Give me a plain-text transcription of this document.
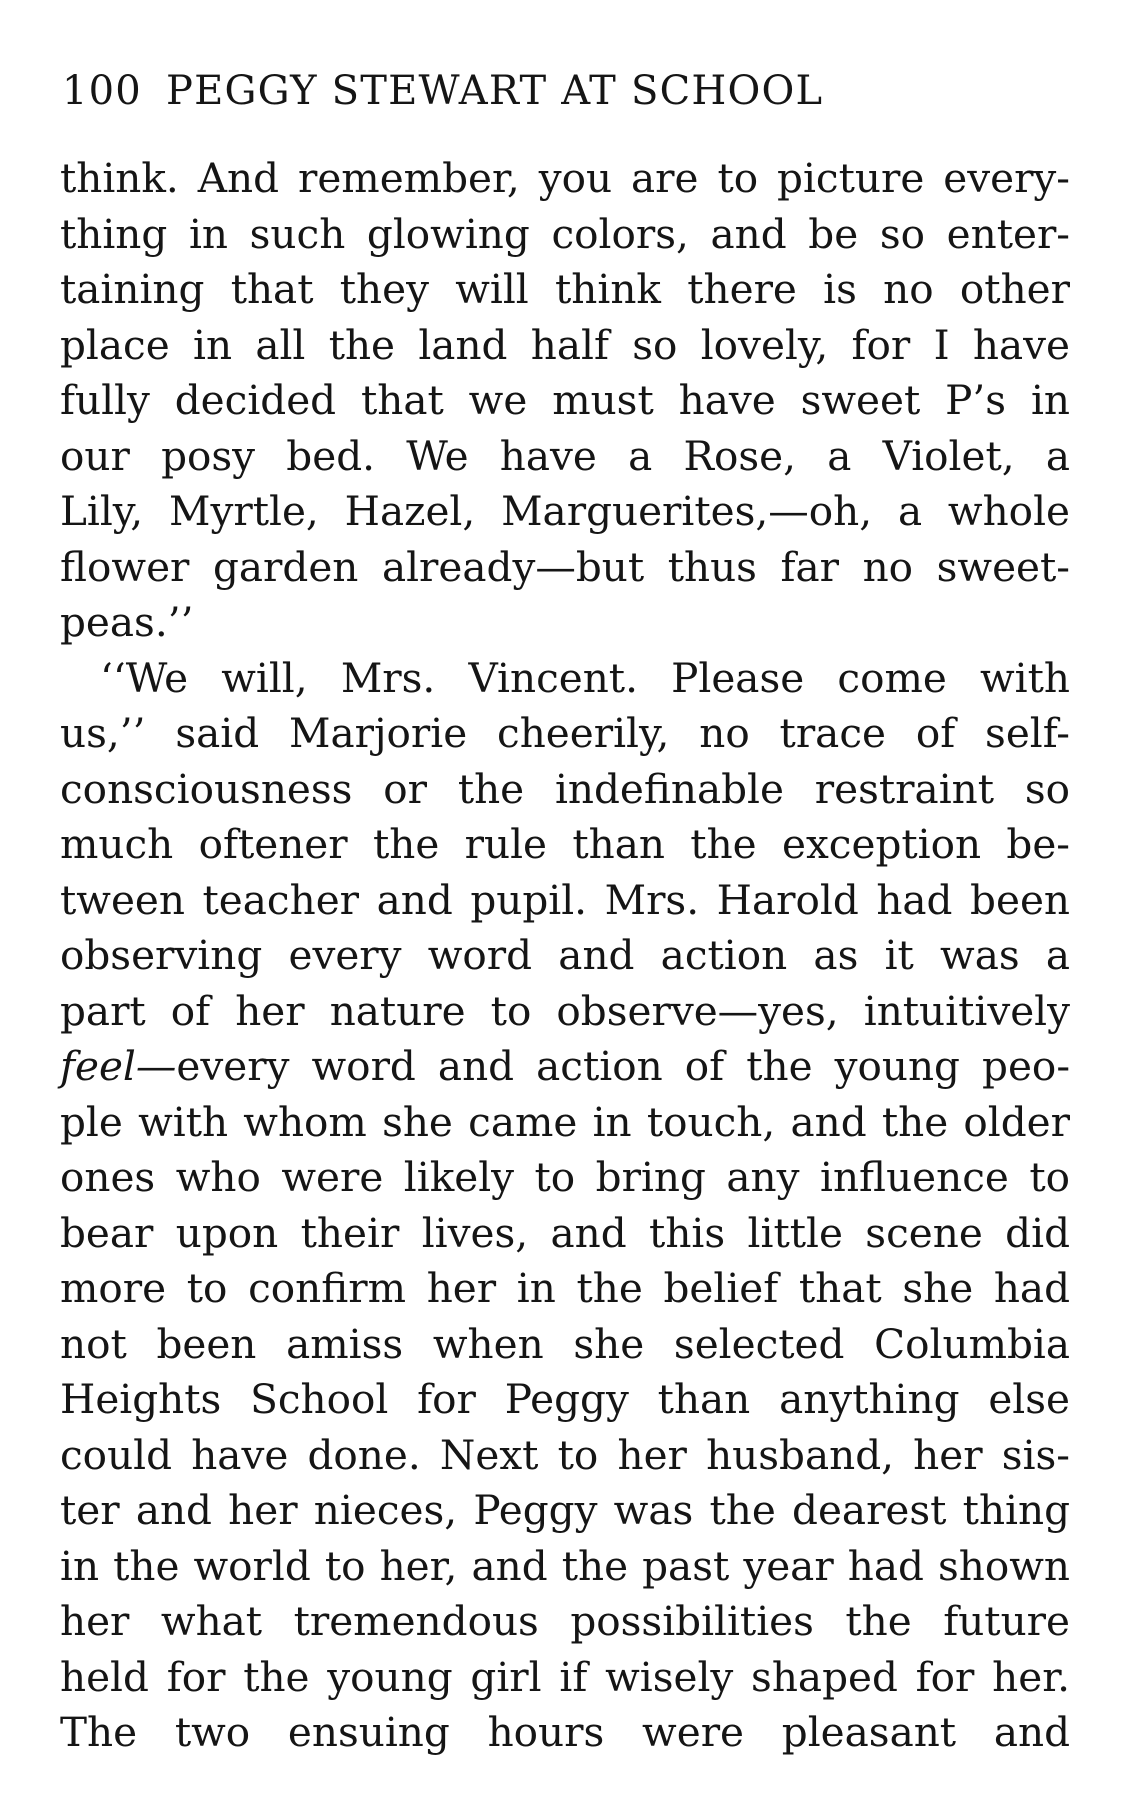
100 PEGGY STEWART AT SCHOOL
think. And remember, you are to picture every-
thing in such glowing colors, and be so enter-
taining that they will think there is no other
place in all the land half so lovely, for I have
fully decided that we must have sweet P’s in
our posy bed. We have a Rose, a Violet, a
Lily, Myrtle, Hazel, Marguerites,—oh, a whole
flower garden already—but thus far no sweet-
peas.’’
‘‘We will, Mrs. Vincent. Please come with
us,’’ said Marjorie cheerily, no trace of self-
consciousness or the indefinable restraint so
much oftener the rule than the exception be-
tween teacher and pupil. Mrs. Harold had been
observing every word and action as it was a
part of her nature to observe—yes, intuitively
feel—every word and action of the young peo-
ple with whom she came in touch, and the older
ones who were likely to bring any influence to
bear upon their lives, and this little scene did
more to confirm her in the belief that she had
not been amiss when she selected Columbia
Heights School for Peggy than anything else
could have done. Next to her husband, her sis-
ter and her nieces, Peggy was the dearest thing
in the world to her, and the past year had shown
her what tremendous possibilities the future
held for the young girl if wisely shaped for her.
The two ensuing hours were pleasant and
